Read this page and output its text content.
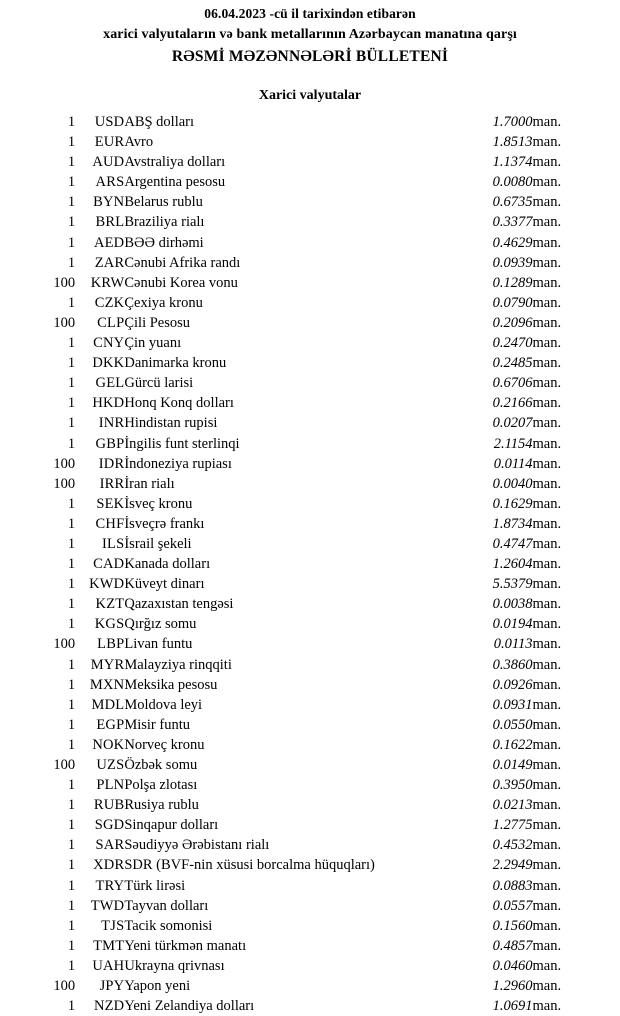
06.04.2023 -cü il tarixindən etibarən
xarici valyutaların və bank metallarının Azərbaycan manatına qarşı
RƏSMİ MƏZƏNNƏLƏRİ BÜLLETENİ
Xarici valyutalar
1	USD	ABŞ dolları	1.7000	man.
1	EUR	Avro	1.8513	man.
1	AUD	Avstraliya dolları	1.1374	man.
1	ARS	Argentina pesosu	0.0080	man.
1	BYN	Belarus rublu	0.6735	man.
1	BRL	Braziliya rialı	0.3377	man.
1	AED	BƏƏ dirhəmi	0.4629	man.
1	ZAR	Cənubi Afrika randı	0.0939	man.
100	KRW	Cənubi Korea vonu	0.1289	man.
1	CZK	Çexiya kronu	0.0790	man.
100	CLP	Çili Pesosu	0.2096	man.
1	CNY	Çin yuanı	0.2470	man.
1	DKK	Danimarka kronu	0.2485	man.
1	GEL	Gürcü larisi	0.6706	man.
1	HKD	Honq Konq dolları	0.2166	man.
1	INR	Hindistan rupisi	0.0207	man.
1	GBP	İngilis funt sterlinqi	2.1154	man.
100	IDR	İndoneziya rupiası	0.0114	man.
100	IRR	İran rialı	0.0040	man.
1	SEK	İsveç kronu	0.1629	man.
1	CHF	İsveçrə frankı	1.8734	man.
1	ILS	İsrail şekeli	0.4747	man.
1	CAD	Kanada dolları	1.2604	man.
1	KWD	Küveyt dinarı	5.5379	man.
1	KZT	Qazaxıstan tengəsi	0.0038	man.
1	KGS	Qırğız somu	0.0194	man.
100	LBP	Livan funtu	0.0113	man.
1	MYR	Malayziya rinqqiti	0.3860	man.
1	MXN	Meksika pesosu	0.0926	man.
1	MDL	Moldova leyi	0.0931	man.
1	EGP	Misir funtu	0.0550	man.
1	NOK	Norveç kronu	0.1622	man.
100	UZS	Özbək somu	0.0149	man.
1	PLN	Polşa zlotası	0.3950	man.
1	RUB	Rusiya rublu	0.0213	man.
1	SGD	Sinqapur dolları	1.2775	man.
1	SAR	Səudiyyə Ərəbistanı rialı	0.4532	man.
1	XDR	SDR (BVF-nin xüsusi borcalma hüquqları)	2.2949	man.
1	TRY	Türk lirəsi	0.0883	man.
1	TWD	Tayvan dolları	0.0557	man.
1	TJS	Tacik somonisi	0.1560	man.
1	TMT	Yeni türkmən manatı	0.4857	man.
1	UAH	Ukrayna qrivnası	0.0460	man.
100	JPY	Yapon yeni	1.2960	man.
1	NZD	Yeni Zelandiya dolları	1.0691	man.
